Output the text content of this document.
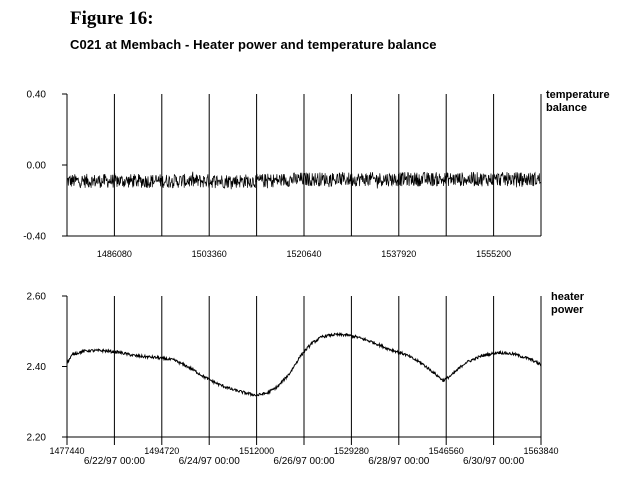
Figure 16:
C021 at Membach - Heater power and temperature balance
0.40
0.00
-0.40
1486080	1503360	1520640	1537920	1555200
temperature
balance
2.60
2.40
2.20
1477440	1494720	1512000	1529280	1546560	1563840
6/22/97 00:00	6/24/97 00:00	6/26/97 00:00	6/28/97 00:00	6/30/97 00:00
heater
power
